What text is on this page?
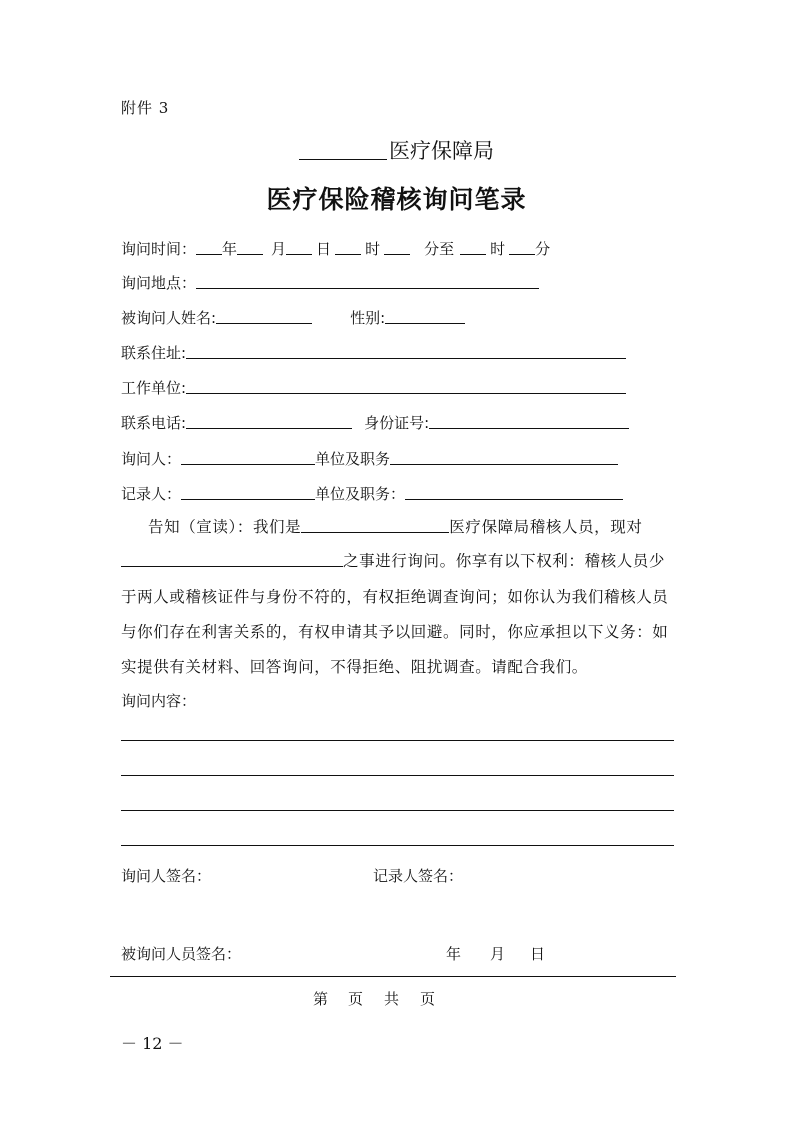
附件 3
医疗保障局
医疗保险稽核询问笔录
询问时间： 年 月 日 时	分至 时 分
询问地点：
被询问人姓名:	性别:
联系住址:
工作单位:
联系电话:	身份证号:
询问人：	单位及职务
记录人：	单位及职务：
告知（宣读）：我们是	医疗保障局稽核人员，现对
之事进行询问。你享有以下权利：稽核人员少
于两人或稽核证件与身份不符的，有权拒绝调查询问；如你认为我们稽核人员
与你们存在利害关系的，有权申请其予以回避。同时，你应承担以下义务：如
实提供有关材料、回答询问，不得拒绝、阻扰调查。请配合我们。
询问内容：
询问人签名：	记录人签名：
被询问人员签名：	年 月 日
第 页 共 页
－ 12 －
